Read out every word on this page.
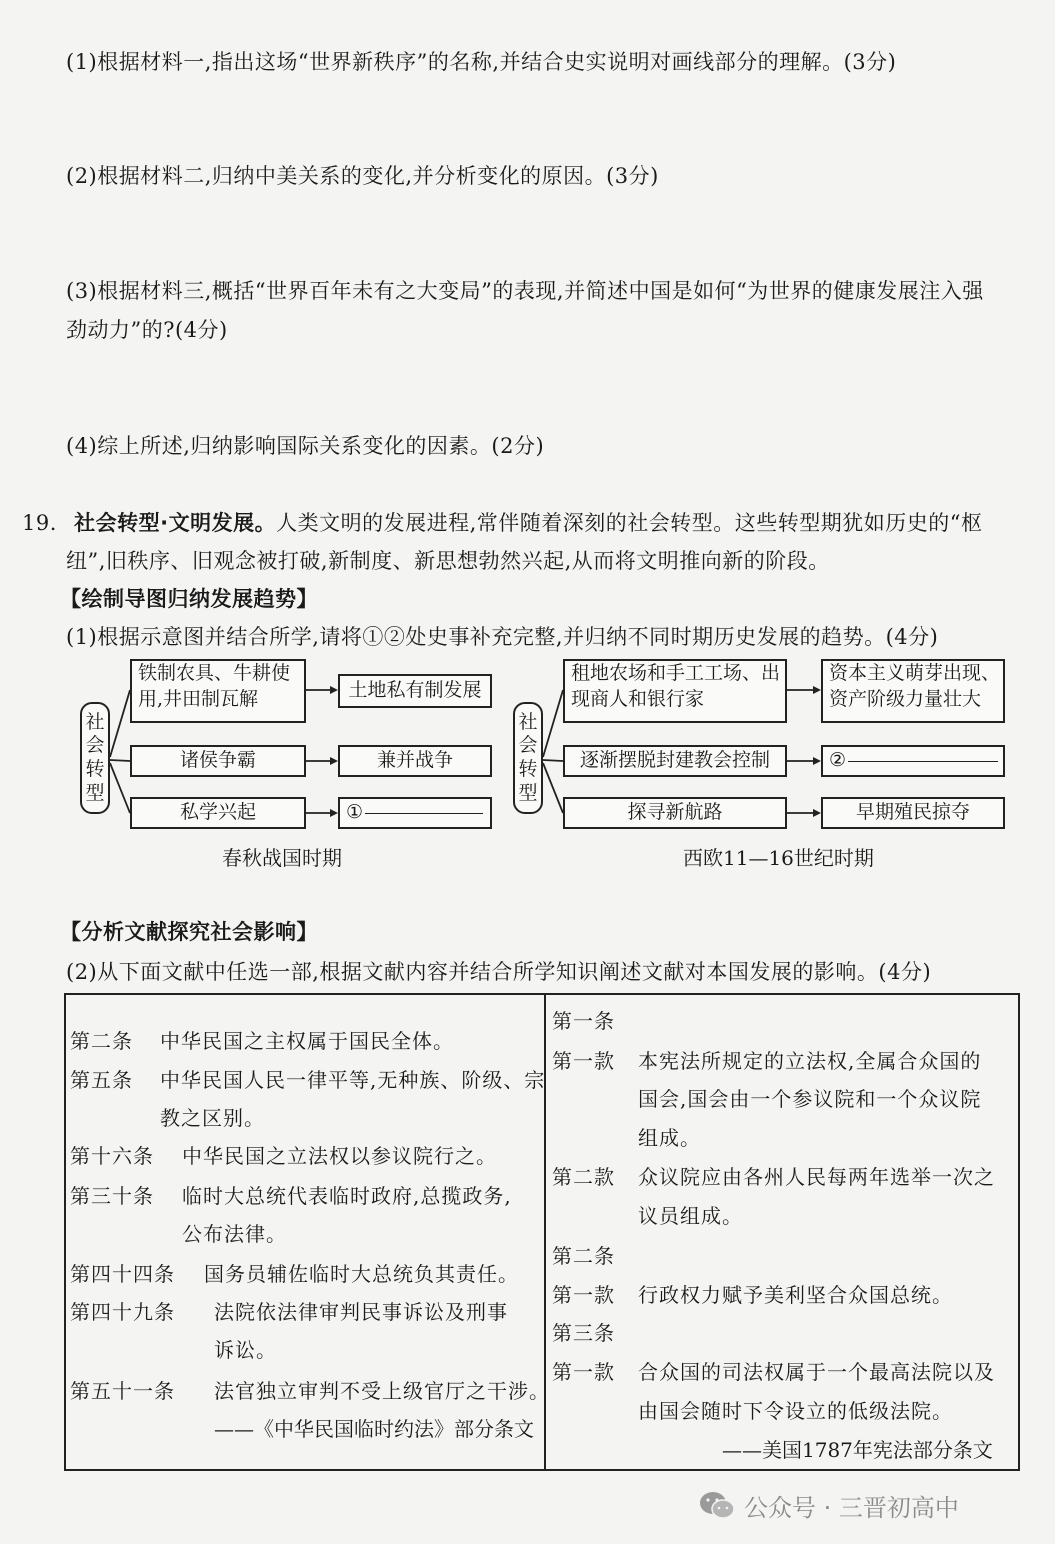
(1)根据材料一,指出这场“世界新秩序”的名称,并结合史实说明对画线部分的理解。(3分)
(2)根据材料二,归纳中美关系的变化,并分析变化的原因。(3分)
(3)根据材料三,概括“世界百年未有之大变局”的表现,并简述中国是如何“为世界的健康发展注入强
劲动力”的?(4分)
(4)综上所述,归纳影响国际关系变化的因素。(2分)
19. 社会转型·文明发展。人类文明的发展进程,常伴随着深刻的社会转型。这些转型期犹如历史的“枢
纽”,旧秩序、旧观念被打破,新制度、新思想勃然兴起,从而将文明推向新的阶段。
【绘制导图归纳发展趋势】
(1)根据示意图并结合所学,请将①②处史事补充完整,并归纳不同时期历史发展的趋势。(4分)
社会转型
铁制农具、牛耕使
用,井田制瓦解	土地私有制发展
诸侯争霸	兼并战争
私学兴起	①
春秋战国时期
社会转型
租地农场和手工工场、出
现商人和银行家
资本主义萌芽出现、
资产阶级力量壮大
逐渐摆脱封建教会控制	②
探寻新航路	早期殖民掠夺
西欧11—16世纪时期
【分析文献探究社会影响】
(2)从下面文献中任选一部,根据文献内容并结合所学知识阐述文献对本国发展的影响。(4分)
第二条 中华民国之主权属于国民全体。
第五条 中华民国人民一律平等,无种族、阶级、宗
教之区别。
第十六条 中华民国之立法权以参议院行之。
第三十条 临时大总统代表临时政府,总揽政务,
公布法律。
第四十四条 国务员辅佐临时大总统负其责任。
第四十九条 法院依法律审判民事诉讼及刑事
诉讼。
第五十一条 法官独立审判不受上级官厅之干涉。
——《中华民国临时约法》部分条文
第一条
第一款 本宪法所规定的立法权,全属合众国的
国会,国会由一个参议院和一个众议院
组成。
第二款 众议院应由各州人民每两年选举一次之
议员组成。
第二条
第一款 行政权力赋予美利坚合众国总统。
第三条
第一款 合众国的司法权属于一个最高法院以及
由国会随时下令设立的低级法院。
——美国1787年宪法部分条文
公众号 · 三晋初高中
